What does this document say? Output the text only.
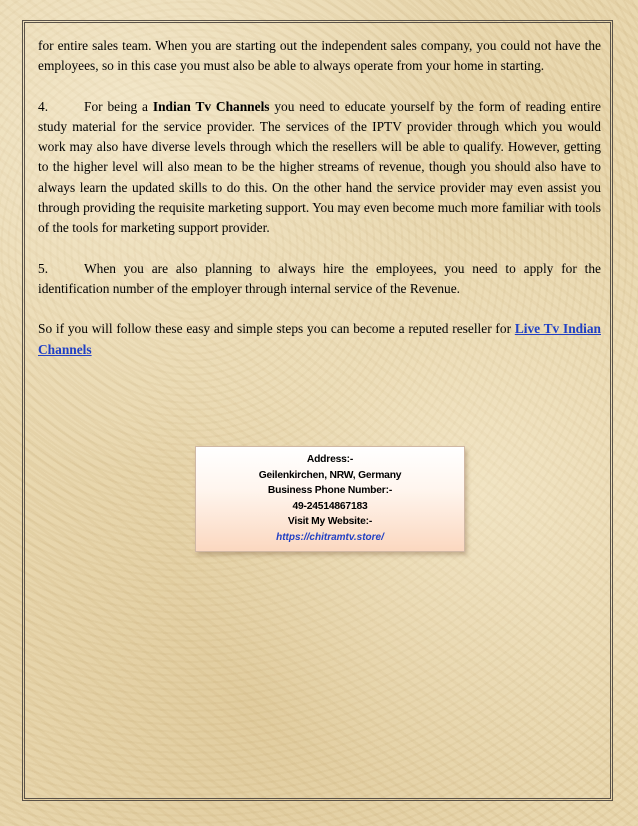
for entire sales team. When you are starting out the independent sales company, you could not have the employees, so in this case you must also be able to always operate from your home in starting.

4.	For being a Indian Tv Channels you need to educate yourself by the form of reading entire study material for the service provider. The services of the IPTV provider through which you would work may also have diverse levels through which the resellers will be able to qualify. However, getting to the higher level will also mean to be the higher streams of revenue, though you should also have to always learn the updated skills to do this. On the other hand the service provider may even assist you through providing the requisite marketing support. You may even become much more familiar with tools of the tools for marketing support provider.

5.	When you are also planning to always hire the employees, you need to apply for the identification number of the employer through internal service of the Revenue.

So if you will follow these easy and simple steps you can become a reputed reseller for Live Tv Indian Channels

Address:-
Geilenkirchen, NRW, Germany
Business Phone Number:-
49-24514867183
Visit My Website:-
https://chitramtv.store/
